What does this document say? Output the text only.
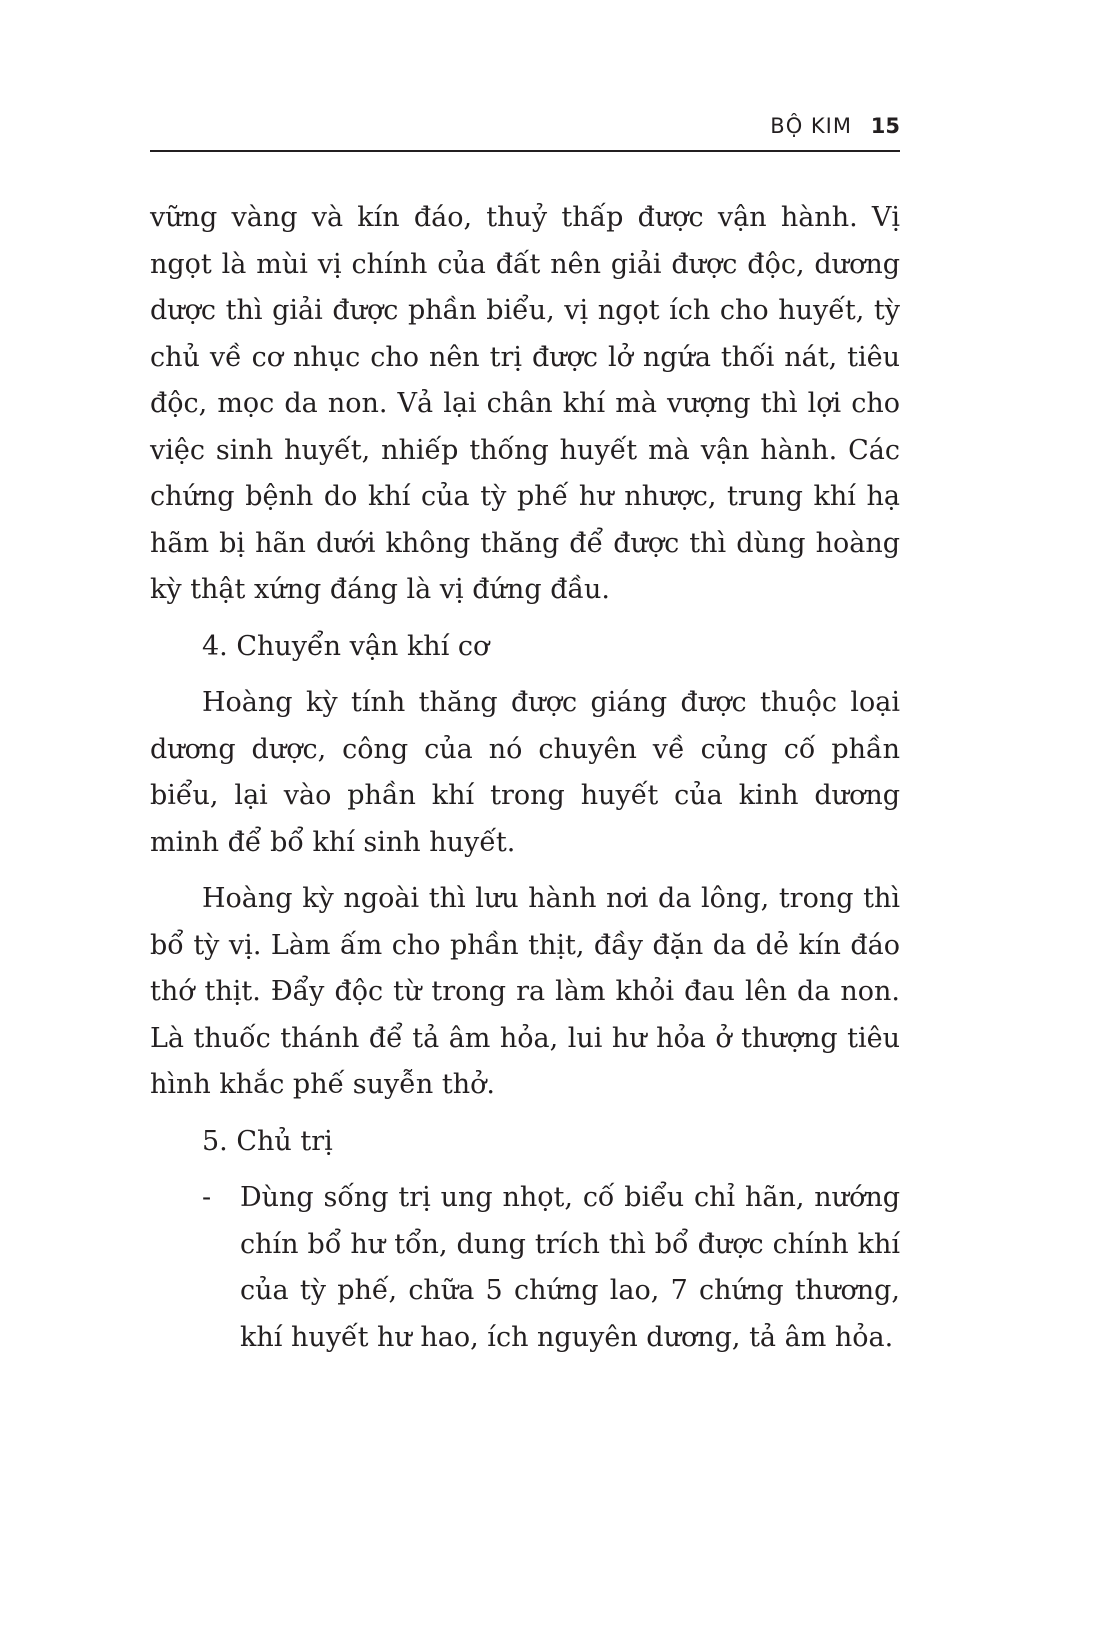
BỘ KIM 15

vững vàng và kín đáo, thuỷ thấp được vận hành. Vị ngọt là mùi vị chính của đất nên giải được độc, dương dược thì giải được phần biểu, vị ngọt ích cho huyết, tỳ chủ về cơ nhục cho nên trị được lở ngứa thối nát, tiêu độc, mọc da non. Vả lại chân khí mà vượng thì lợi cho việc sinh huyết, nhiếp thống huyết mà vận hành. Các chứng bệnh do khí của tỳ phế hư nhược, trung khí hạ hãm bị hãn dưới không thăng để được thì dùng hoàng kỳ thật xứng đáng là vị đứng đầu.

4. Chuyển vận khí cơ

Hoàng kỳ tính thăng được giáng được thuộc loại dương dược, công của nó chuyên về củng cố phần biểu, lại vào phần khí trong huyết của kinh dương minh để bổ khí sinh huyết.

Hoàng kỳ ngoài thì lưu hành nơi da lông, trong thì bổ tỳ vị. Làm ấm cho phần thịt, đầy đặn da dẻ kín đáo thớ thịt. Đẩy độc từ trong ra làm khỏi đau lên da non. Là thuốc thánh để tả âm hỏa, lui hư hỏa ở thượng tiêu hình khắc phế suyễn thở.

5. Chủ trị

- Dùng sống trị ung nhọt, cố biểu chỉ hãn, nướng chín bổ hư tổn, dung trích thì bổ được chính khí của tỳ phế, chữa 5 chứng lao, 7 chứng thương, khí huyết hư hao, ích nguyên dương, tả âm hỏa.
